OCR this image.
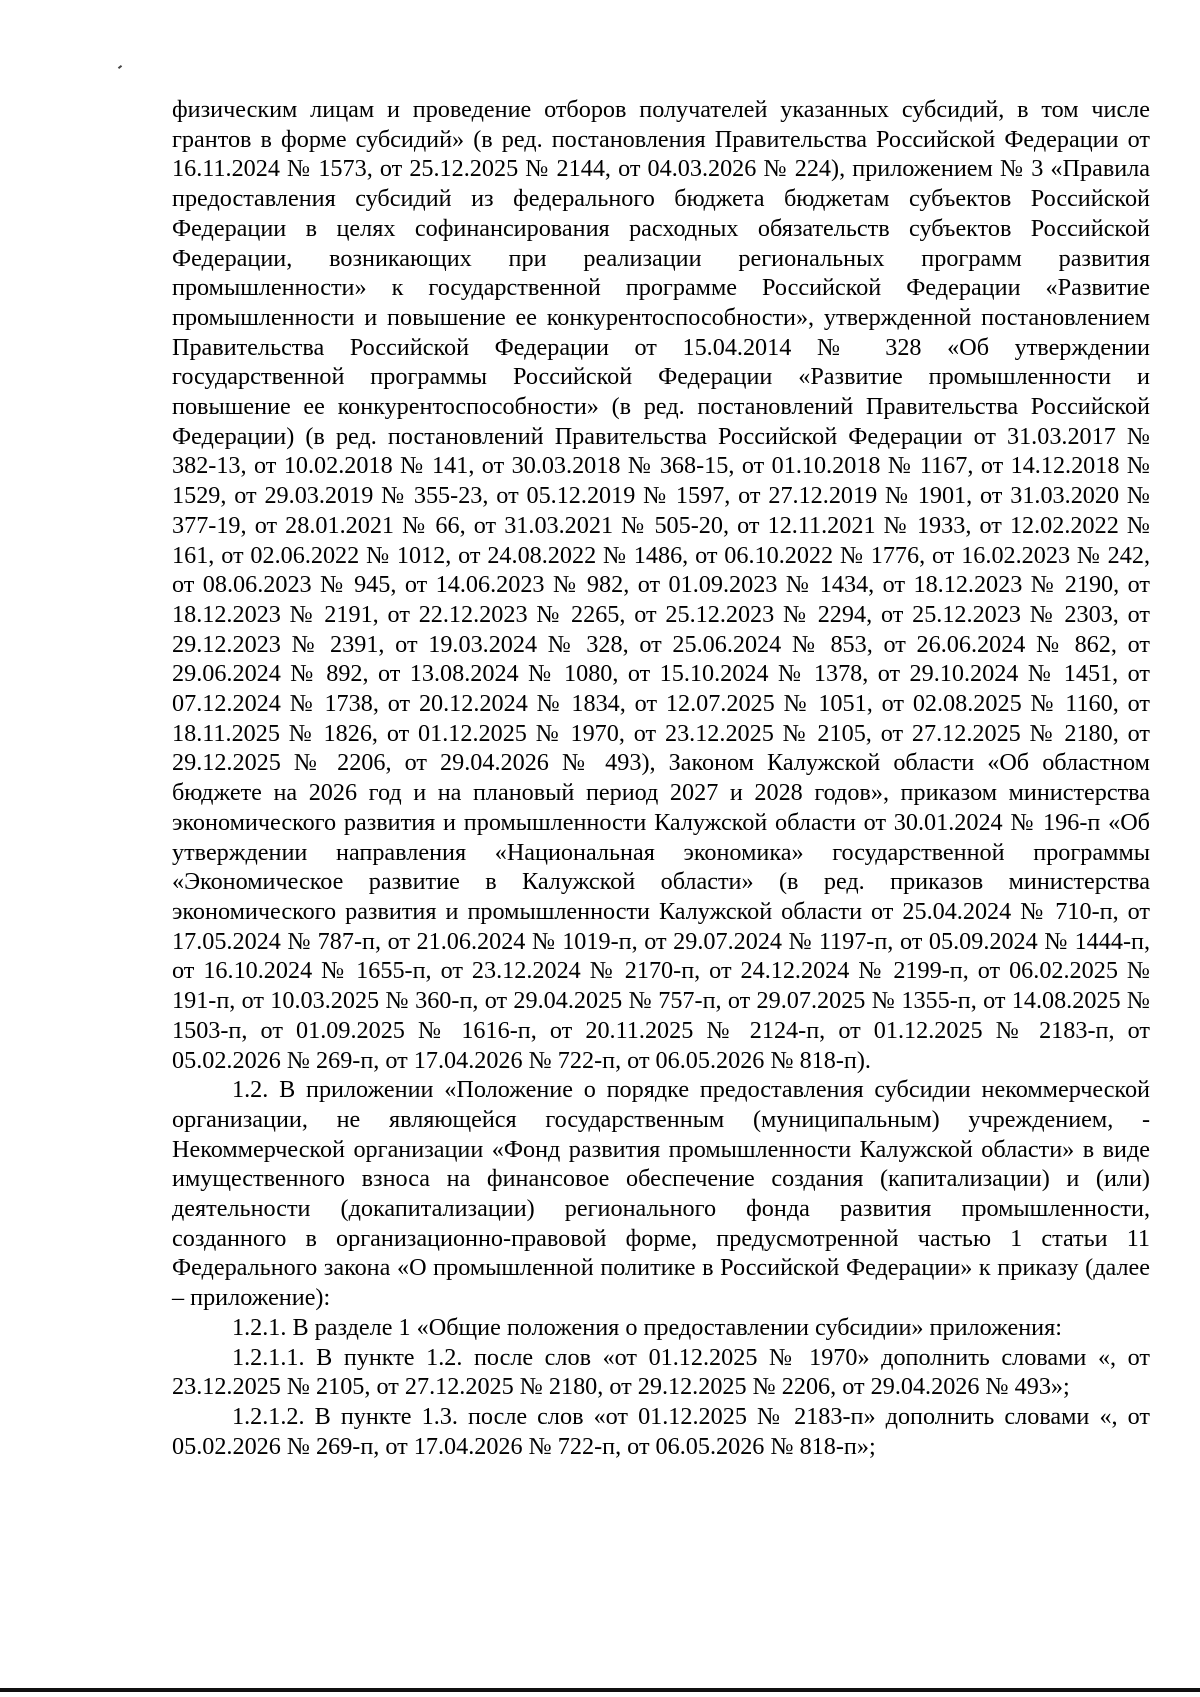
физическим лицам и проведение отборов получателей указанных субсидий, в том числе грантов в форме субсидий» (в ред. постановления Правительства Российской Федерации от 16.11.2024 № 1573, от 25.12.2025 № 2144, от 04.03.2026 № 224), приложением № 3 «Правила предоставления субсидий из федерального бюджета бюджетам субъектов Российской Федерации в целях софинансирования расходных обязательств субъектов Российской Федерации, возникающих при реализации региональных программ развития промышленности» к государственной программе Российской Федерации «Развитие промышленности и повышение ее конкурентоспособности», утвержденной постановлением Правительства Российской Федерации от 15.04.2014 № 328 «Об утверждении государственной программы Российской Федерации «Развитие промышленности и повышение ее конкурентоспособности» (в ред. постановлений Правительства Российской Федерации) (в ред. постановлений Правительства Российской Федерации от 31.03.2017 № 382-13, от 10.02.2018 № 141, от 30.03.2018 № 368-15, от 01.10.2018 № 1167, от 14.12.2018 № 1529, от 29.03.2019 № 355-23, от 05.12.2019 № 1597, от 27.12.2019 № 1901, от 31.03.2020 № 377-19, от 28.01.2021 № 66, от 31.03.2021 № 505-20, от 12.11.2021 № 1933, от 12.02.2022 № 161, от 02.06.2022 № 1012, от 24.08.2022 № 1486, от 06.10.2022 № 1776, от 16.02.2023 № 242, от 08.06.2023 № 945, от 14.06.2023 № 982, от 01.09.2023 № 1434, от 18.12.2023 № 2190, от 18.12.2023 № 2191, от 22.12.2023 № 2265, от 25.12.2023 № 2294, от 25.12.2023 № 2303, от 29.12.2023 № 2391, от 19.03.2024 № 328, от 25.06.2024 № 853, от 26.06.2024 № 862, от 29.06.2024 № 892, от 13.08.2024 № 1080, от 15.10.2024 № 1378, от 29.10.2024 № 1451, от 07.12.2024 № 1738, от 20.12.2024 № 1834, от 12.07.2025 № 1051, от 02.08.2025 № 1160, от 18.11.2025 № 1826, от 01.12.2025 № 1970, от 23.12.2025 № 2105, от 27.12.2025 № 2180, от 29.12.2025 № 2206, от 29.04.2026 № 493), Законом Калужской области «Об областном бюджете на 2026 год и на плановый период 2027 и 2028 годов», приказом министерства экономического развития и промышленности Калужской области от 30.01.2024 № 196-п «Об утверждении направления «Национальная экономика» государственной программы «Экономическое развитие в Калужской области» (в ред. приказов министерства экономического развития и промышленности Калужской области от 25.04.2024 № 710-п, от 17.05.2024 № 787-п, от 21.06.2024 № 1019-п, от 29.07.2024 № 1197-п, от 05.09.2024 № 1444-п, от 16.10.2024 № 1655-п, от 23.12.2024 № 2170-п, от 24.12.2024 № 2199-п, от 06.02.2025 № 191-п, от 10.03.2025 № 360-п, от 29.04.2025 № 757-п, от 29.07.2025 № 1355-п, от 14.08.2025 № 1503-п, от 01.09.2025 № 1616-п, от 20.11.2025 № 2124-п, от 01.12.2025 № 2183-п, от 05.02.2026 № 269-п, от 17.04.2026 № 722-п, от 06.05.2026 № 818-п).

1.2. В приложении «Положение о порядке предоставления субсидии некоммерческой организации, не являющейся государственным (муниципальным) учреждением, - Некоммерческой организации «Фонд развития промышленности Калужской области» в виде имущественного взноса на финансовое обеспечение создания (капитализации) и (или) деятельности (докапитализации) регионального фонда развития промышленности, созданного в организационно-правовой форме, предусмотренной частью 1 статьи 11 Федерального закона «О промышленной политике в Российской Федерации» к приказу (далее – приложение):

1.2.1. В разделе 1 «Общие положения о предоставлении субсидии» приложения:

1.2.1.1. В пункте 1.2. после слов «от 01.12.2025 № 1970» дополнить словами «, от 23.12.2025 № 2105, от 27.12.2025 № 2180, от 29.12.2025 № 2206, от 29.04.2026 № 493»;

1.2.1.2. В пункте 1.3. после слов «от 01.12.2025 № 2183-п» дополнить словами «, от 05.02.2026 № 269-п, от 17.04.2026 № 722-п, от 06.05.2026 № 818-п»;
